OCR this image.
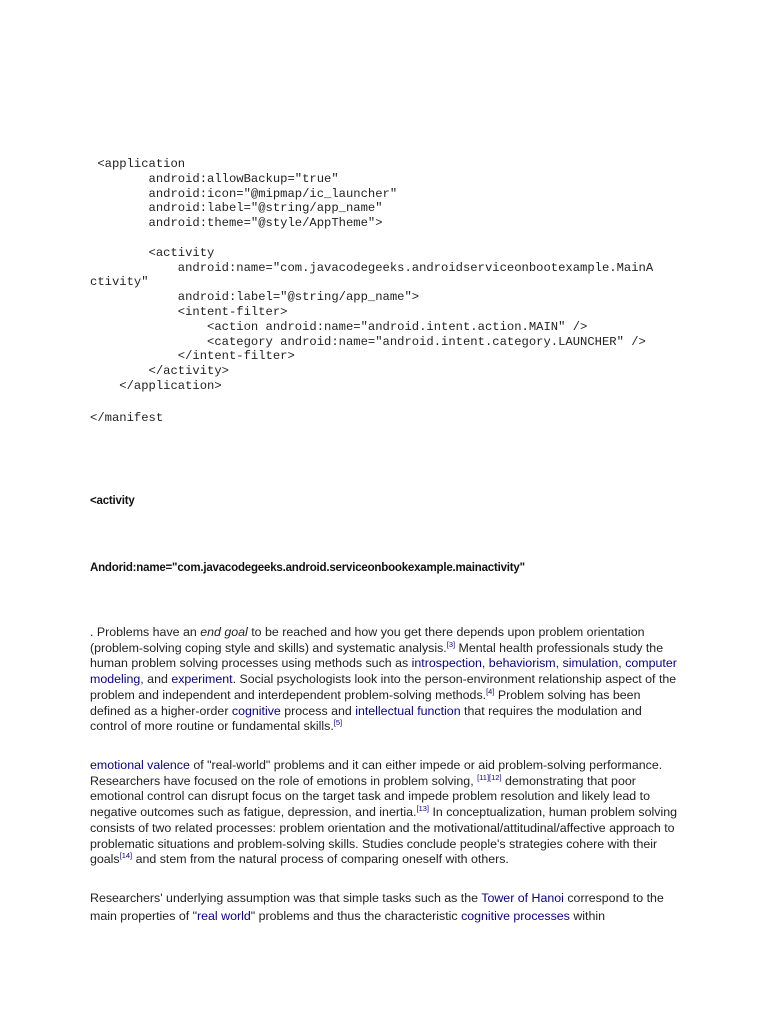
<application
android:allowBackup="true"
android:icon="@mipmap/ic_launcher"
android:label="@string/app_name"
android:theme="@style/AppTheme">
<activity
android:name="com.javacodegeeks.androidserviceonbootexample.MainA
ctivity"
android:label="@string/app_name">
<intent-filter>
<action android:name="android.intent.action.MAIN" />
<category android:name="android.intent.category.LAUNCHER" />
</intent-filter>
</activity>
</application>
</manifest
<activity
Andorid:name="com.javacodegeeks.android.serviceonbookexample.mainactivity"
. Problems have an end goal to be reached and how you get there depends upon problem orientation (problem-solving coping style and skills) and systematic analysis.[3] Mental health professionals study the human problem solving processes using methods such as introspection, behaviorism, simulation, computer modeling, and experiment. Social psychologists look into the person-environment relationship aspect of the problem and independent and interdependent problem-solving methods.[4] Problem solving has been defined as a higher-order cognitive process and intellectual function that requires the modulation and control of more routine or fundamental skills.[5]
emotional valence of "real-world" problems and it can either impede or aid problem-solving performance. Researchers have focused on the role of emotions in problem solving, [11][12] demonstrating that poor emotional control can disrupt focus on the target task and impede problem resolution and likely lead to negative outcomes such as fatigue, depression, and inertia.[13] In conceptualization, human problem solving consists of two related processes: problem orientation and the motivational/attitudinal/affective approach to problematic situations and problem-solving skills. Studies conclude people's strategies cohere with their goals[14] and stem from the natural process of comparing oneself with others.
Researchers' underlying assumption was that simple tasks such as the Tower of Hanoi correspond to the main properties of "real world" problems and thus the characteristic cognitive processes within
